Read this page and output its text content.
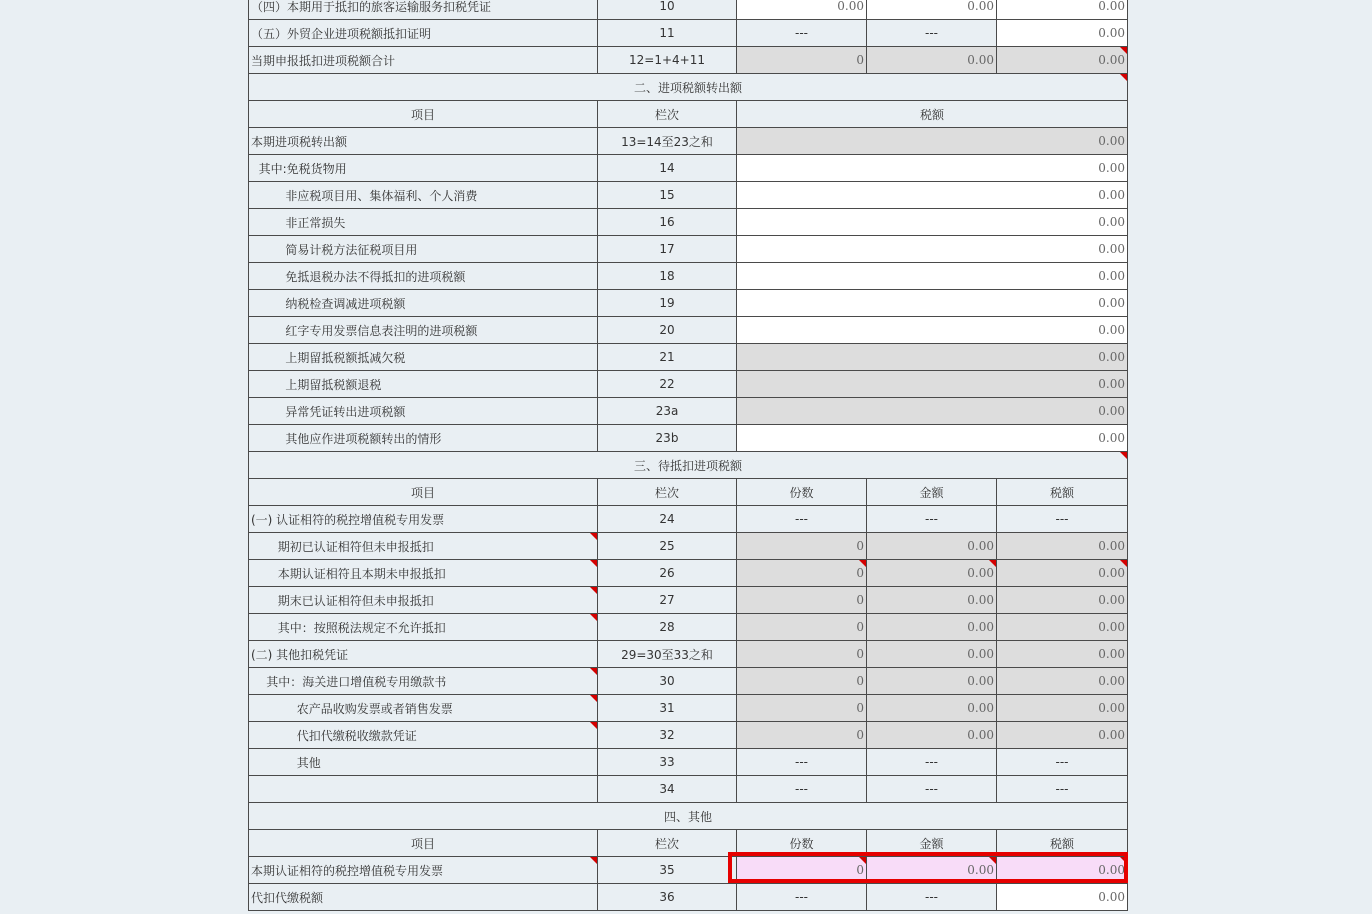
（四）本期用于抵扣的旅客运输服务扣税凭证	10	0.00	0.00	0.00
（五）外贸企业进项税额抵扣证明	11	---	---	0.00
当期申报抵扣进项税额合计	12=1+4+11	0	0.00	0.00
二、进项税额转出额				
项目	栏次	税额		
本期进项税转出额	13=14至23之和	0.00		
其中:免税货物用	14	0.00		
非应税项目用、集体福利、个人消费	15	0.00		
非正常损失	16	0.00		
简易计税方法征税项目用	17	0.00		
免抵退税办法不得抵扣的进项税额	18	0.00		
纳税检查调减进项税额	19	0.00		
红字专用发票信息表注明的进项税额	20	0.00		
上期留抵税额抵减欠税	21	0.00		
上期留抵税额退税	22	0.00		
异常凭证转出进项税额	23a	0.00		
其他应作进项税额转出的情形	23b	0.00		
三、待抵扣进项税额				
项目	栏次	份数	金额	税额
(一) 认证相符的税控增值税专用发票	24	---	---	---
期初已认证相符但未申报抵扣	25	0	0.00	0.00
本期认证相符且本期未申报抵扣	26	0	0.00	0.00
期末已认证相符但未申报抵扣	27	0	0.00	0.00
其中：按照税法规定不允许抵扣	28	0	0.00	0.00
(二) 其他扣税凭证	29=30至33之和	0	0.00	0.00
其中：海关进口增值税专用缴款书	30	0	0.00	0.00
农产品收购发票或者销售发票	31	0	0.00	0.00
代扣代缴税收缴款凭证	32	0	0.00	0.00
其他	33	---	---	---
	34	---	---	---
四、其他				
项目	栏次	份数	金额	税额
本期认证相符的税控增值税专用发票	35	0	0.00	0.00
代扣代缴税额	36	---	---	0.00
